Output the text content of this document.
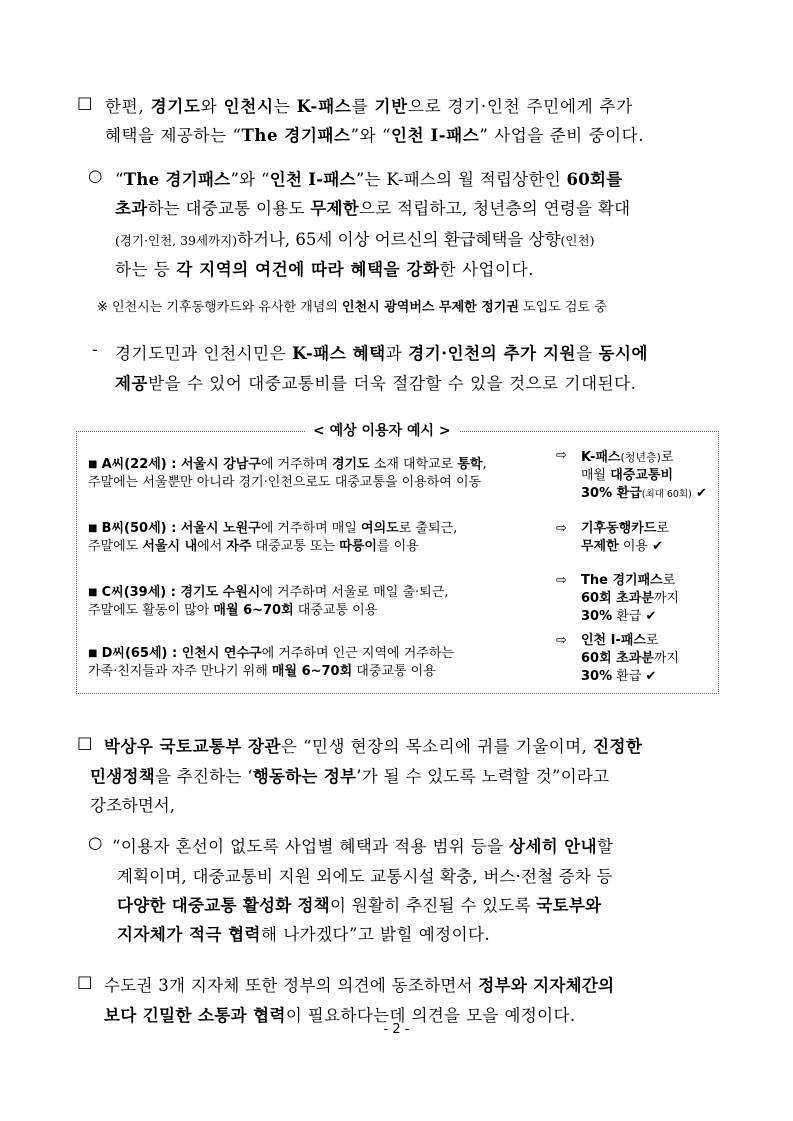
□ 한편, 경기도와 인천시는 K-패스를 기반으로 경기·인천 주민에게 추가
혜택을 제공하는 “The 경기패스”와 “인천 I-패스” 사업을 준비 중이다.
○ “The 경기패스”와 “인천 I-패스”는 K-패스의 월 적립상한인 60회를
초과하는 대중교통 이용도 무제한으로 적립하고, 청년층의 연령을 확대
(경기·인천, 39세까지)하거나, 65세 이상 어르신의 환급혜택을 상향(인천)
하는 등 각 지역의 여건에 따라 혜택을 강화한 사업이다.
※ 인천시는 기후동행카드와 유사한 개념의 인천시 광역버스 무제한 정기권 도입도 검토 중
- 경기도민과 인천시민은 K-패스 혜택과 경기·인천의 추가 지원을 동시에
제공받을 수 있어 대중교통비를 더욱 절감할 수 있을 것으로 기대된다.
< 예상 이용자 예시 >
■ A씨(22세) : 서울시 강남구에 거주하며 경기도 소재 대학교로 통학,
주말에는 서울뿐만 아니라 경기·인천으로도 대중교통을 이용하여 이동
⇨ K-패스(청년층)로
매월 대중교통비
30% 환급(최대 60회) ✔
■ B씨(50세) : 서울시 노원구에 거주하며 매일 여의도로 출퇴근,
주말에도 서울시 내에서 자주 대중교통 또는 따릉이를 이용
⇨ 기후동행카드로
무제한 이용 ✔
■ C씨(39세) : 경기도 수원시에 거주하며 서울로 매일 출·퇴근,
주말에도 활동이 많아 매월 6~70회 대중교통 이용
⇨ The 경기패스로
60회 초과분까지
30% 환급 ✔
■ D씨(65세) : 인천시 연수구에 거주하며 인근 지역에 거주하는
가족·친지들과 자주 만나기 위해 매월 6~70회 대중교통 이용
⇨ 인천 I-패스로
60회 초과분까지
30% 환급 ✔
□ 박상우 국토교통부 장관은 “민생 현장의 목소리에 귀를 기울이며, 진정한
민생정책을 추진하는 ‘행동하는 정부’가 될 수 있도록 노력할 것”이라고
강조하면서,
○ “이용자 혼선이 없도록 사업별 혜택과 적용 범위 등을 상세히 안내할
계획이며, 대중교통비 지원 외에도 교통시설 확충, 버스·전철 증차 등
다양한 대중교통 활성화 정책이 원활히 추진될 수 있도록 국토부와
지자체가 적극 협력해 나가겠다”고 밝힐 예정이다.
□ 수도권 3개 지자체 또한 정부의 의견에 동조하면서 정부와 지자체간의
보다 긴밀한 소통과 협력이 필요하다는데 의견을 모을 예정이다.
- 2 -
